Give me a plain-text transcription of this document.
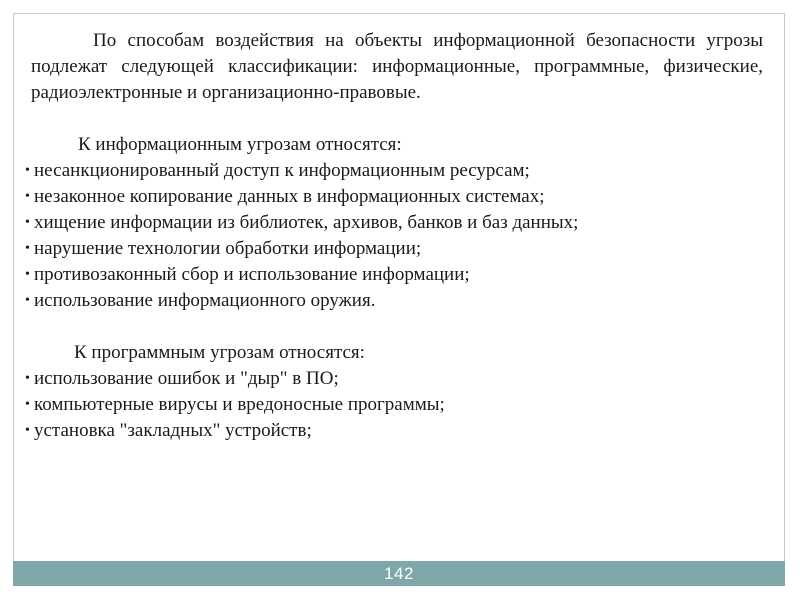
По способам воздействия на объекты информационной безопасности угрозы подлежат следующей классификации: информационные, программные, физические, радиоэлектронные и организационно-правовые.

К информационным угрозам относятся:

• несанкционированный доступ к информационным ресурсам;
• незаконное копирование данных в информационных системах;
• хищение информации из библиотек, архивов, банков и баз данных;
• нарушение технологии обработки информации;
• противозаконный сбор и использование информации;
• использование информационного оружия.

К программным угрозам относятся:

• использование ошибок и "дыр" в ПО;
• компьютерные вирусы и вредоносные программы;
• установка "закладных" устройств;
142
